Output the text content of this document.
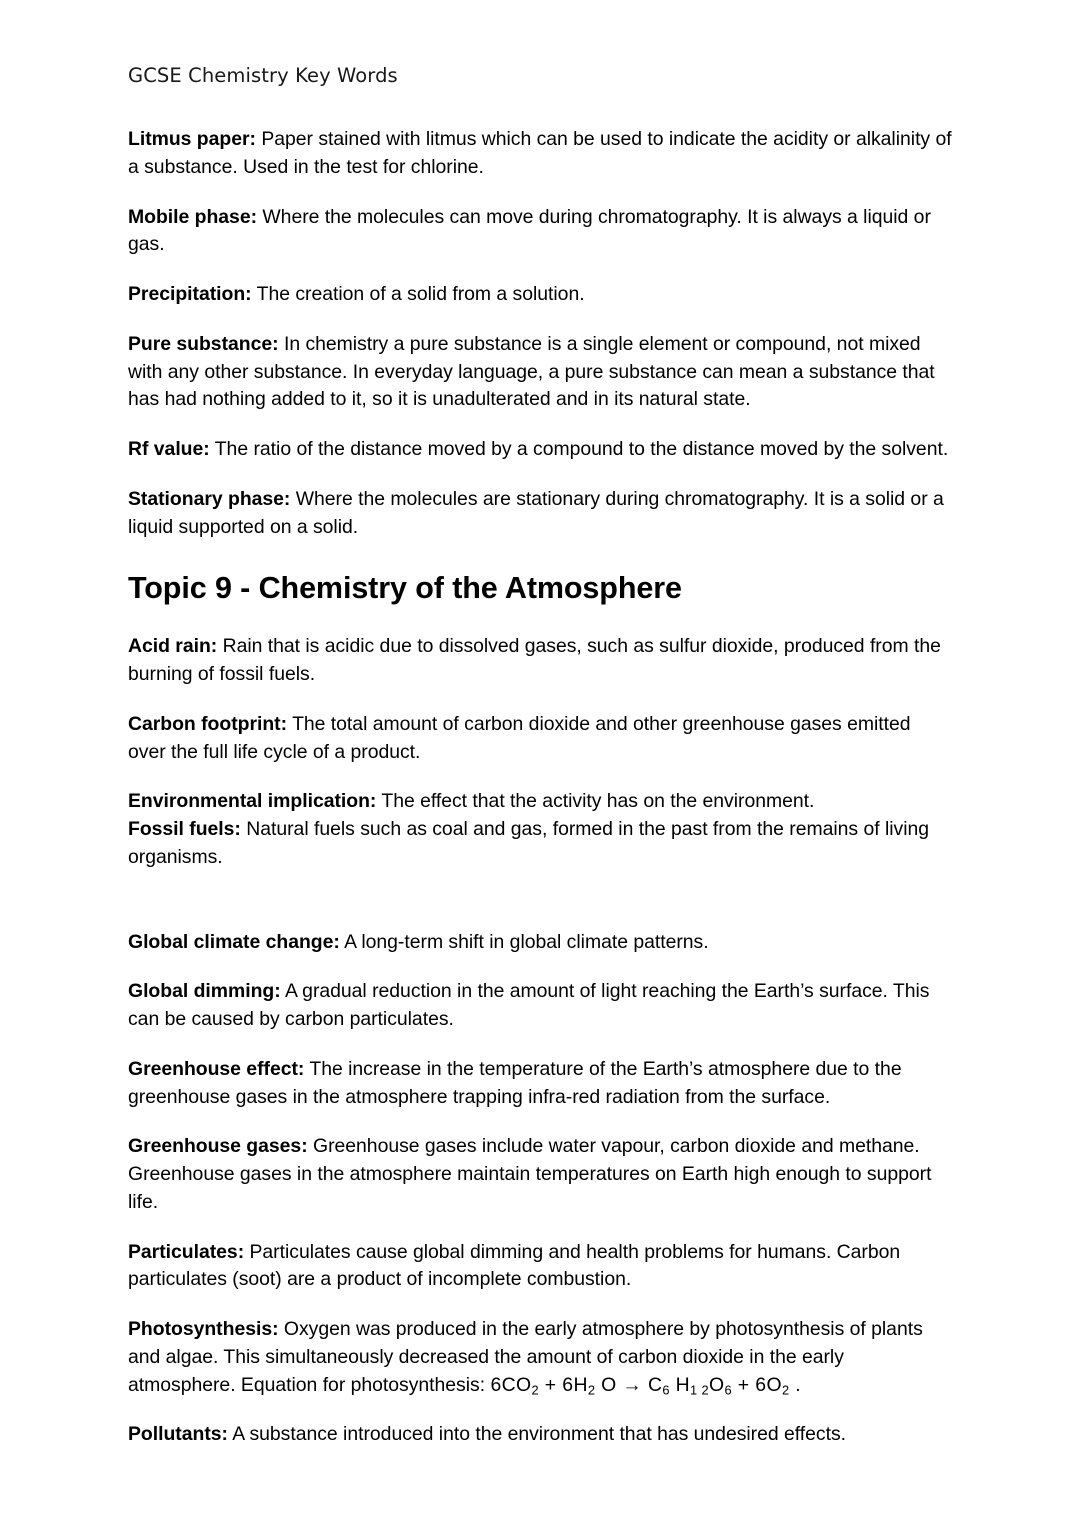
GCSE Chemistry Key Words

Litmus paper: Paper stained with litmus which can be used to indicate the acidity or alkalinity of a substance. Used in the test for chlorine.

Mobile phase: Where the molecules can move during chromatography. It is always a liquid or gas.

Precipitation: The creation of a solid from a solution.

Pure substance: In chemistry a pure substance is a single element or compound, not mixed with any other substance. In everyday language, a pure substance can mean a substance that has had nothing added to it, so it is unadulterated and in its natural state.

Rf value: The ratio of the distance moved by a compound to the distance moved by the solvent.

Stationary phase: Where the molecules are stationary during chromatography. It is a solid or a liquid supported on a solid.

Topic 9 - Chemistry of the Atmosphere

Acid rain: Rain that is acidic due to dissolved gases, such as sulfur dioxide, produced from the burning of fossil fuels.

Carbon footprint: The total amount of carbon dioxide and other greenhouse gases emitted over the full life cycle of a product.

Environmental implication: The effect that the activity has on the environment.

Fossil fuels: Natural fuels such as coal and gas, formed in the past from the remains of living organisms.

Global climate change: A long-term shift in global climate patterns.

Global dimming: A gradual reduction in the amount of light reaching the Earth’s surface. This can be caused by carbon particulates.

Greenhouse effect: The increase in the temperature of the Earth’s atmosphere due to the greenhouse gases in the atmosphere trapping infra-red radiation from the surface.

Greenhouse gases: Greenhouse gases include water vapour, carbon dioxide and methane. Greenhouse gases in the atmosphere maintain temperatures on Earth high enough to support life.

Particulates: Particulates cause global dimming and health problems for humans. Carbon particulates (soot) are a product of incomplete combustion.

Photosynthesis: Oxygen was produced in the early atmosphere by photosynthesis of plants and algae. This simultaneously decreased the amount of carbon dioxide in the early atmosphere. Equation for photosynthesis: $6CO_2 + 6H_2$ $O \to C_6$ $H_1$ $_2O_6 + 6O_2$ .

Pollutants: A substance introduced into the environment that has undesired effects.
